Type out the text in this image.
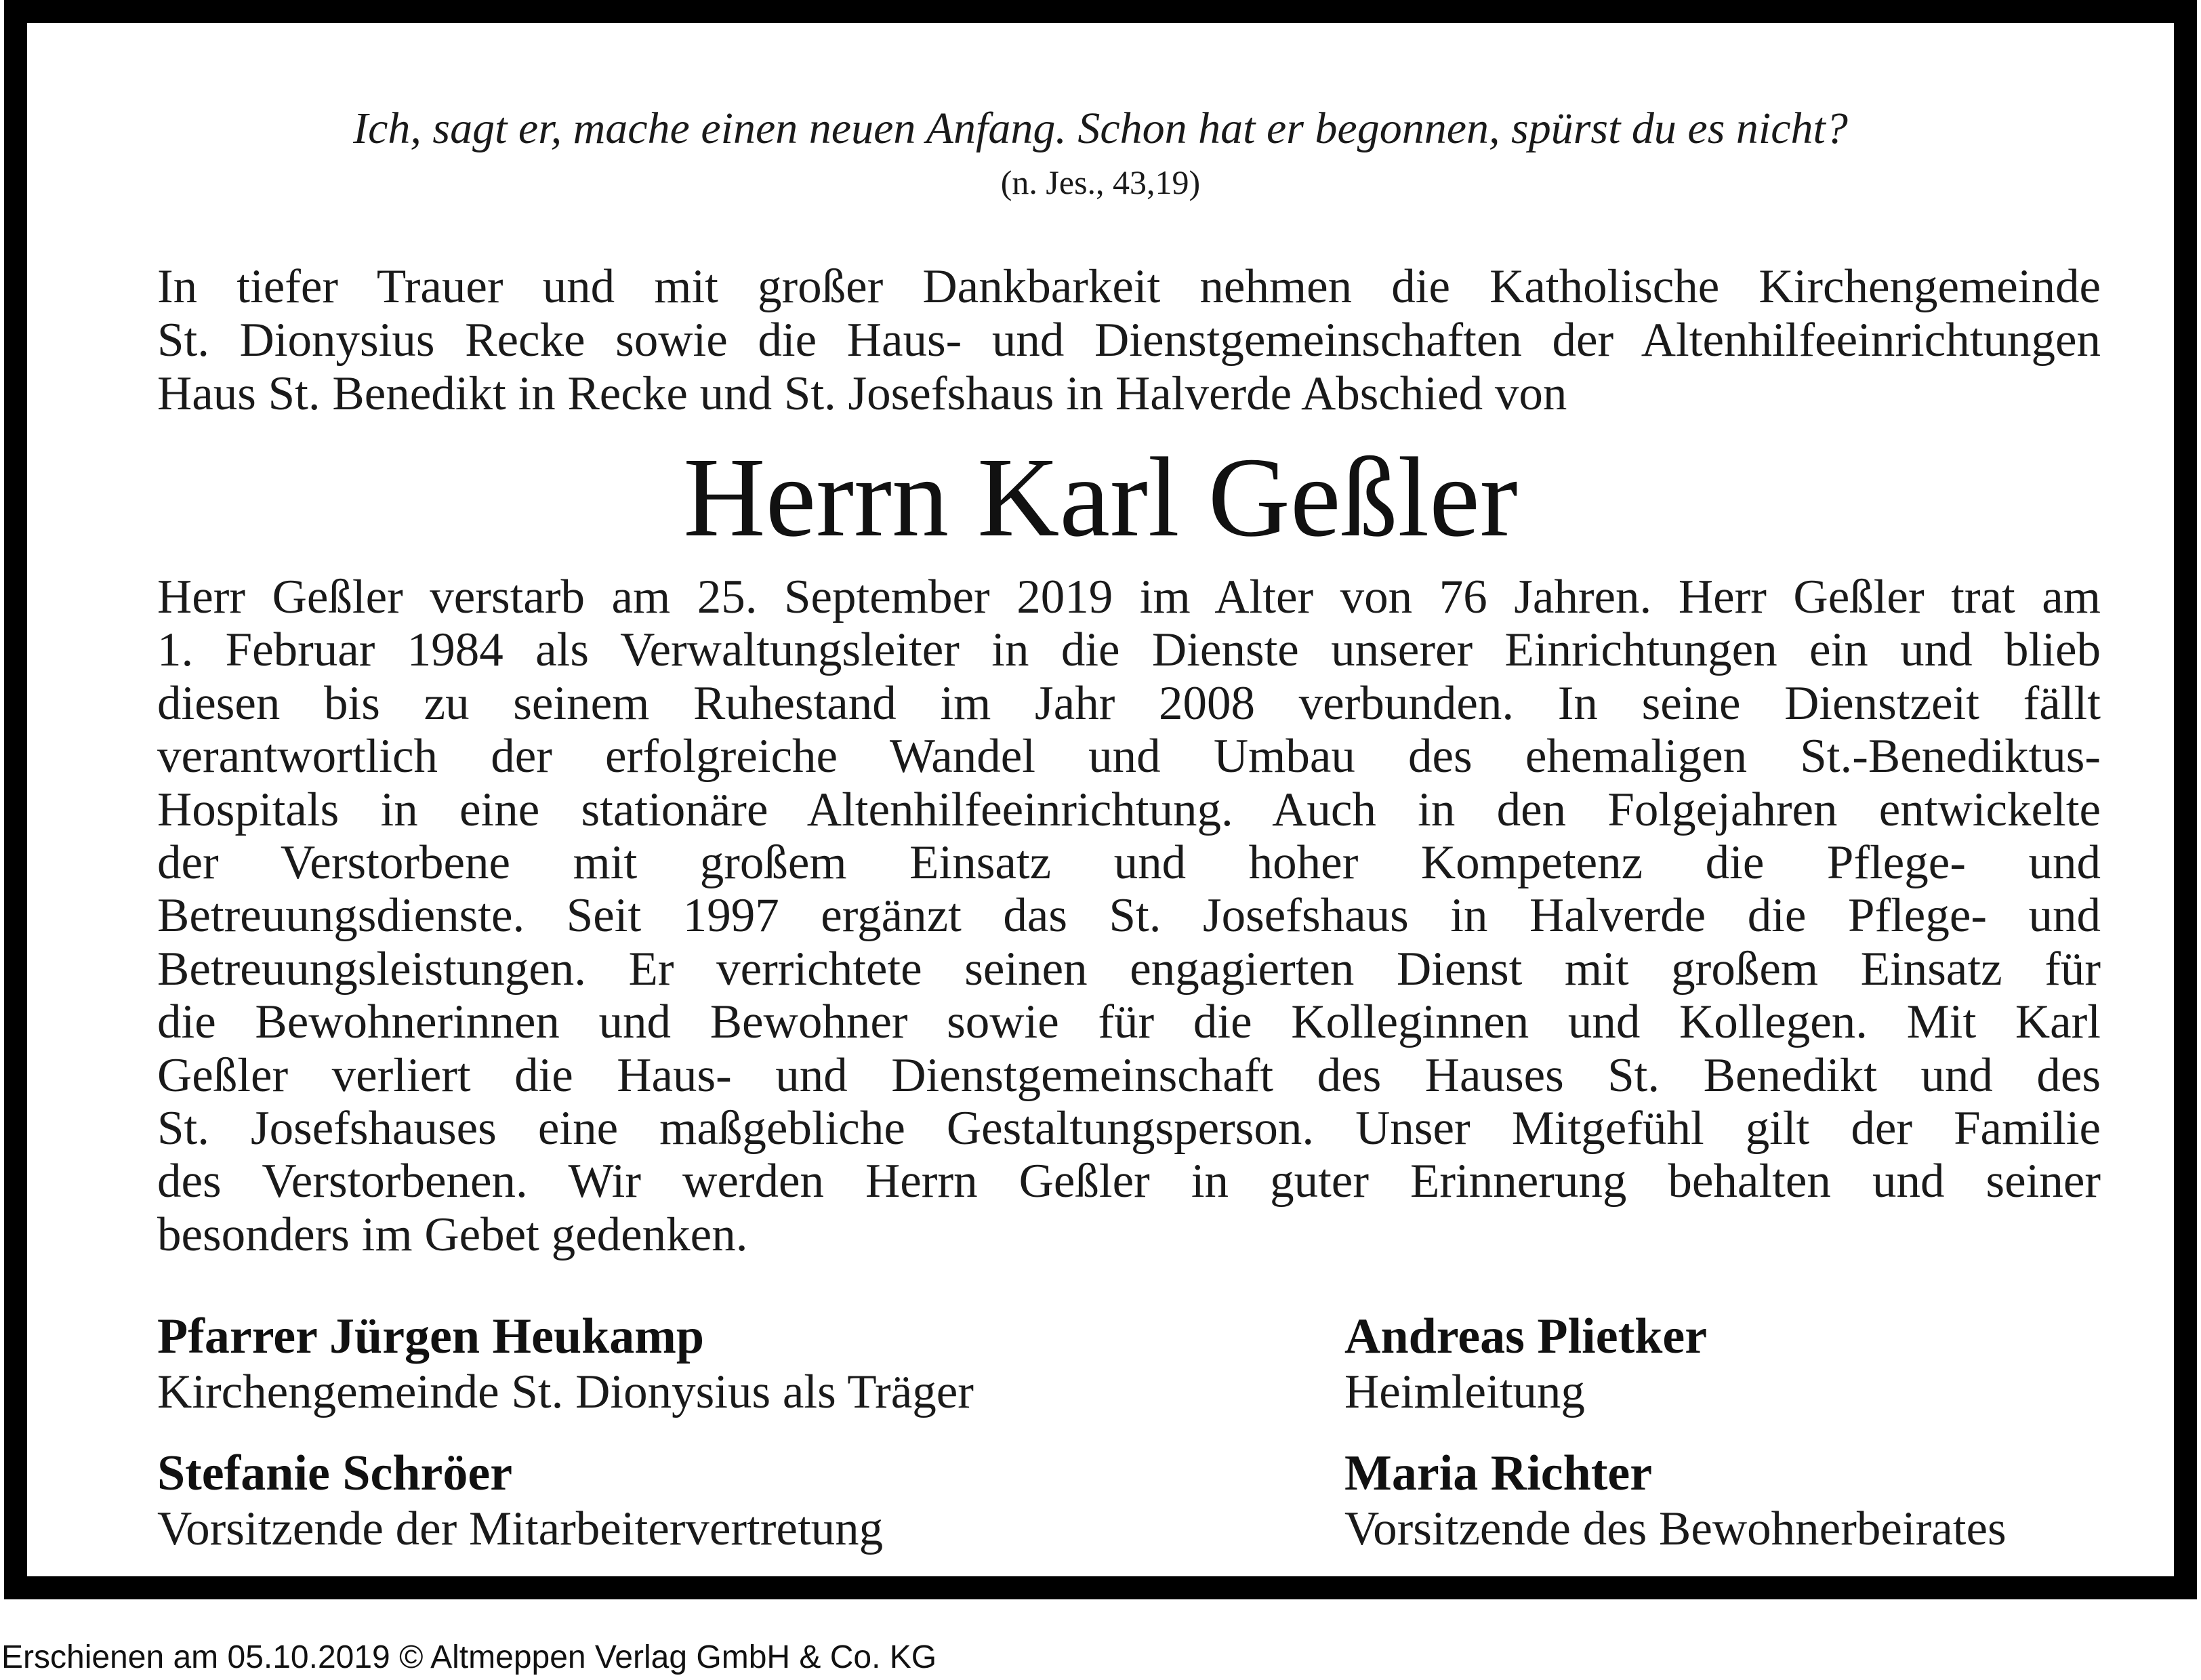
Ich, sagt er, mache einen neuen Anfang. Schon hat er begonnen, spürst du es nicht?
(n. Jes., 43,19)
In tiefer Trauer und mit großer Dankbarkeit nehmen die Katholische Kirchengemeinde
St. Dionysius Recke sowie die Haus- und Dienstgemeinschaften der Altenhilfeeinrichtungen
Haus St. Benedikt in Recke und St. Josefshaus in Halverde Abschied von
Herrn Karl Geßler
Herr Geßler verstarb am 25. September 2019 im Alter von 76 Jahren. Herr Geßler trat am
1. Februar 1984 als Verwaltungsleiter in die Dienste unserer Einrichtungen ein und blieb
diesen bis zu seinem Ruhestand im Jahr 2008 verbunden. In seine Dienstzeit fällt
verantwortlich der erfolgreiche Wandel und Umbau des ehemaligen St.-Benediktus-
Hospitals in eine stationäre Altenhilfeeinrichtung. Auch in den Folgejahren entwickelte
der Verstorbene mit großem Einsatz und hoher Kompetenz die Pflege- und
Betreuungsdienste. Seit 1997 ergänzt das St. Josefshaus in Halverde die Pflege- und
Betreuungsleistungen. Er verrichtete seinen engagierten Dienst mit großem Einsatz für
die Bewohnerinnen und Bewohner sowie für die Kolleginnen und Kollegen. Mit Karl
Geßler verliert die Haus- und Dienstgemeinschaft des Hauses St. Benedikt und des
St. Josefshauses eine maßgebliche Gestaltungsperson. Unser Mitgefühl gilt der Familie
des Verstorbenen. Wir werden Herrn Geßler in guter Erinnerung behalten und seiner
besonders im Gebet gedenken.
Pfarrer Jürgen Heukamp
Kirchengemeinde St. Dionysius als Träger
Andreas Plietker
Heimleitung
Stefanie Schröer
Vorsitzende der Mitarbeitervertretung
Maria Richter
Vorsitzende des Bewohnerbeirates
Erschienen am 05.10.2019 © Altmeppen Verlag GmbH & Co. KG
